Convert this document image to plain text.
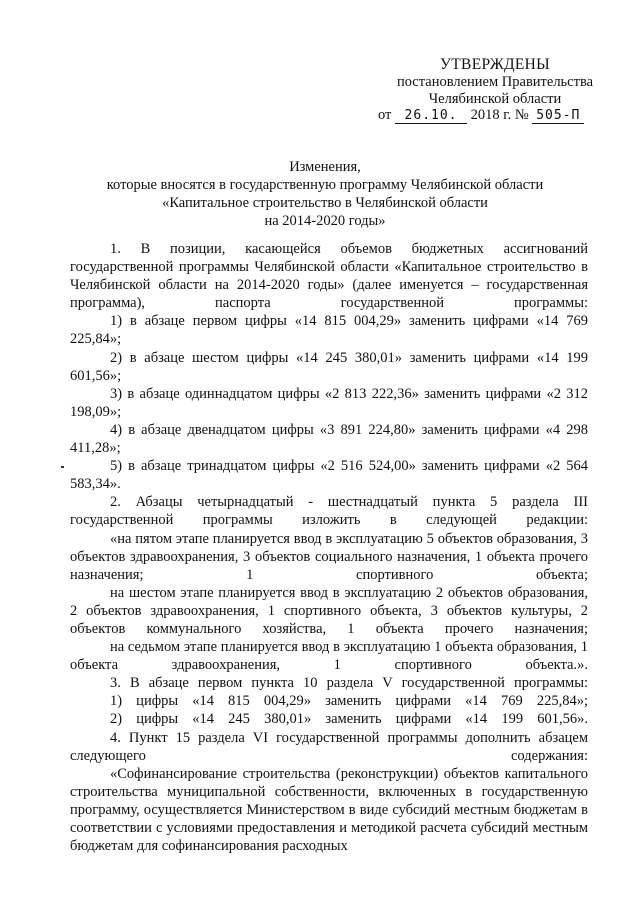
УТВЕРЖДЕНЫ
постановлением Правительства
Челябинской области
от 26.10. 2018 г. № 505-П
Изменения,
которые вносятся в государственную программу Челябинской области
«Капитальное строительство в Челябинской области
на 2014-2020 годы»

1. В позиции, касающейся объемов бюджетных ассигнований государственной программы Челябинской области «Капитальное строительство в Челябинской области на 2014-2020 годы» (далее именуется – государственная программа), паспорта государственной программы:

1) в абзаце первом цифры «14 815 004,29» заменить цифрами «14 769 225,84»;

2) в абзаце шестом цифры «14 245 380,01» заменить цифрами «14 199 601,56»;

3) в абзаце одиннадцатом цифры «2 813 222,36» заменить цифрами «2 312 198,09»;

4) в абзаце двенадцатом цифры «3 891 224,80» заменить цифрами «4 298 411,28»;

5) в абзаце тринадцатом цифры «2 516 524,00» заменить цифрами «2 564 583,34».

2. Абзацы четырнадцатый - шестнадцатый пункта 5 раздела III государственной программы изложить в следующей редакции:

«на пятом этапе планируется ввод в эксплуатацию 5 объектов образования, 3 объектов здравоохранения, 3 объектов социального назначения, 1 объекта прочего назначения; 1 спортивного объекта;

на шестом этапе планируется ввод в эксплуатацию 2 объектов образования, 2 объектов здравоохранения, 1 спортивного объекта, 3 объектов культуры, 2 объектов коммунального хозяйства, 1 объекта прочего назначения;

на седьмом этапе планируется ввод в эксплуатацию 1 объекта образования, 1 объекта здравоохранения, 1 спортивного объекта.».

3. В абзаце первом пункта 10 раздела V государственной программы:

1) цифры «14 815 004,29» заменить цифрами «14 769 225,84»;

2) цифры «14 245 380,01» заменить цифрами «14 199 601,56».

4. Пункт 15 раздела VI государственной программы дополнить абзацем следующего содержания:

«Софинансирование строительства (реконструкции) объектов капитального строительства муниципальной собственности, включенных в государственную программу, осуществляется Министерством в виде субсидий местным бюджетам в соответствии с условиями предоставления и методикой расчета субсидий местным бюджетам для софинансирования расходных
